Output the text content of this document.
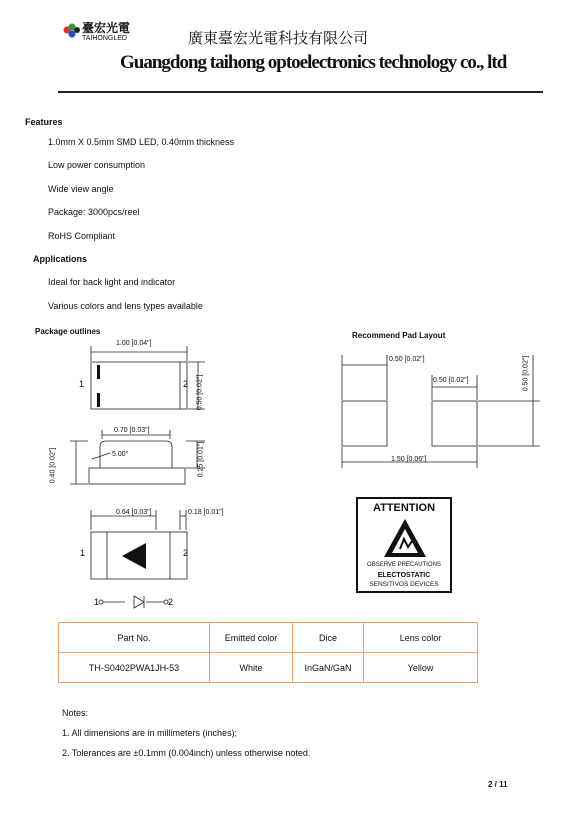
臺宏光電
TAIHONGLED	廣東臺宏光電科技有限公司
Guangdong taihong optoelectronics technology co., ltd
Features
1.0mm X 0.5mm SMD LED, 0.40mm thickness
Low power consumption
Wide view angle
Package: 3000pcs/reel
RoHS Compliant
Applications
Ideal for back light and indicator
Various colors and lens types available
Package outlines
1.00 [0.04"]
1	2 0.50 [0.02"]
0.70 [0.03"]
5.00°
0.40 [0.02"]	0.25 [0.01"]
0.64 [0.03"]	0.18 [0.01"]
1	2
1	2
Recommend Pad Layout
0.50 [0.02"]
0.50 [0.02"]	0.50 [0.02"]
1.50 [0.06"]
ATTENTION
OBSERVE PRECAUTIONS
ELECTOSTATIC
SENSITIVOS DEVICES
Part No.	Emitted color	Dice	Lens color
TH-S0402PWA1JH-53	White	InGaN/GaN	Yellow
Notes:
1. All dimensions are in millimeters (inches);
2. Tolerances are ±0.1mm (0.004inch) unless otherwise noted.
2 / 11
